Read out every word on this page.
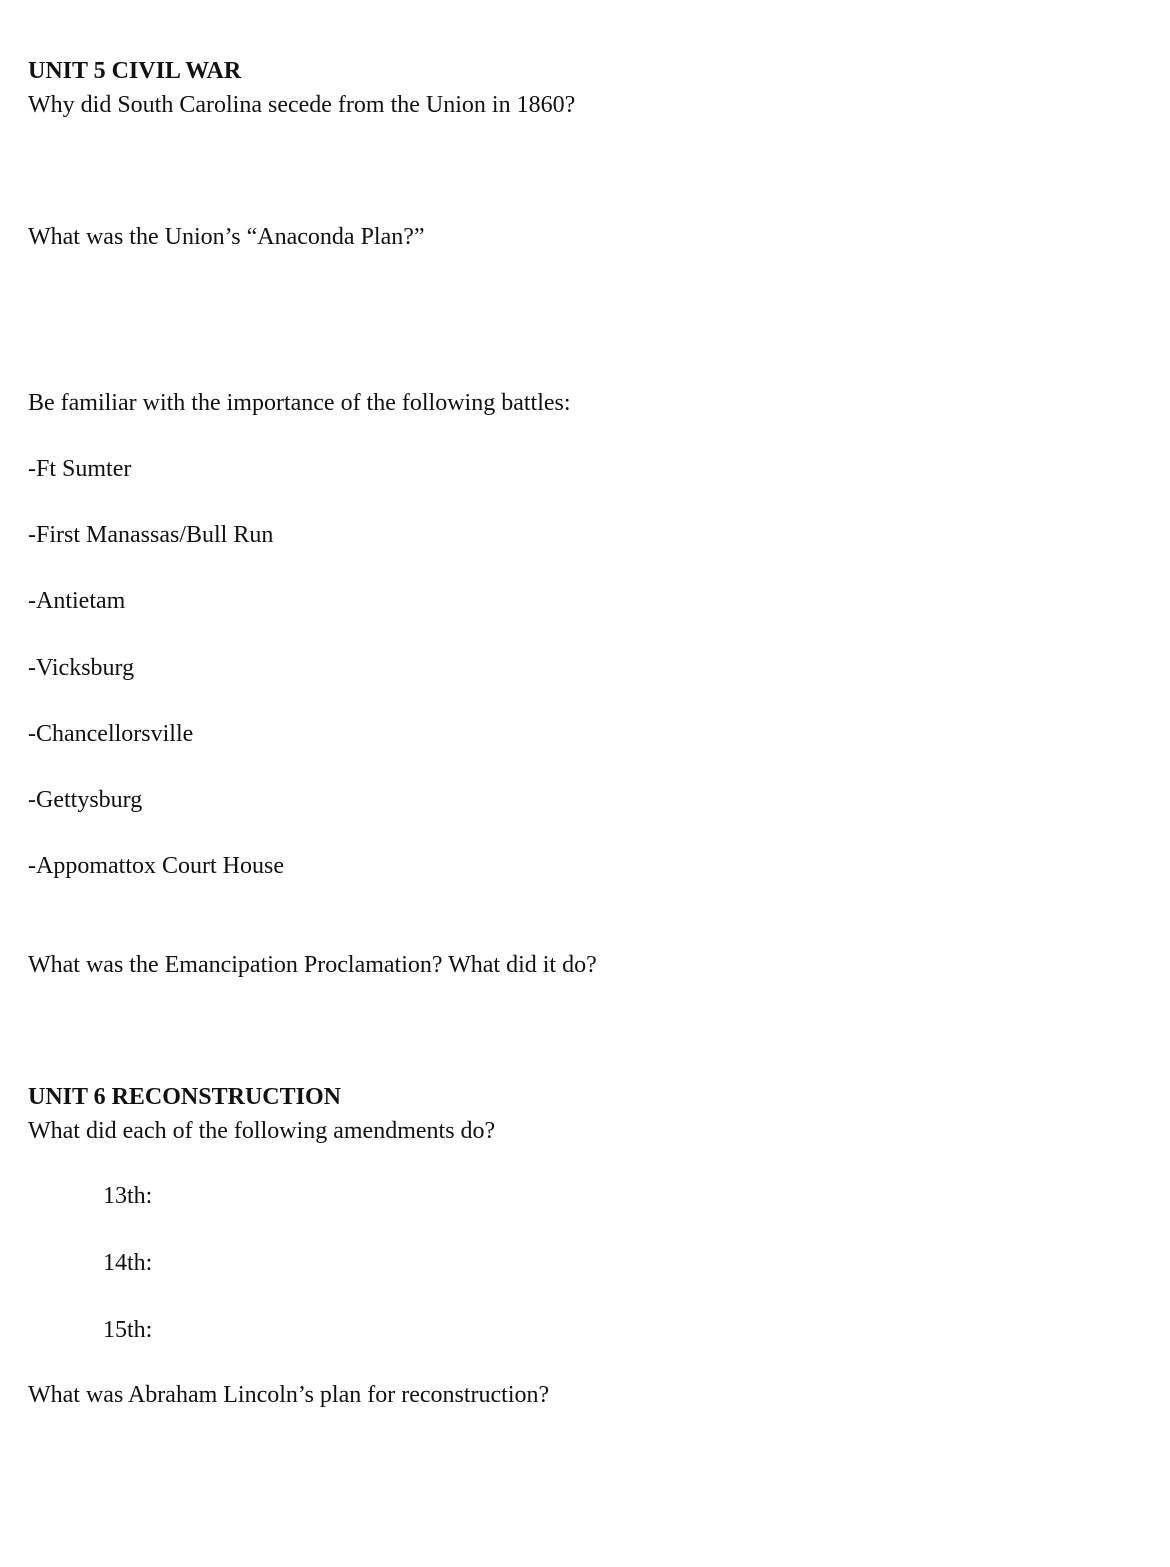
UNIT 5 CIVIL WAR
Why did South Carolina secede from the Union in 1860?
What was the Union’s “Anaconda Plan?”
Be familiar with the importance of the following battles:
-Ft Sumter
-First Manassas/Bull Run
-Antietam
-Vicksburg
-Chancellorsville
-Gettysburg
-Appomattox Court House
What was the Emancipation Proclamation? What did it do?
UNIT 6 RECONSTRUCTION
What did each of the following amendments do?
13th:
14th:
15th:
What was Abraham Lincoln’s plan for reconstruction?
